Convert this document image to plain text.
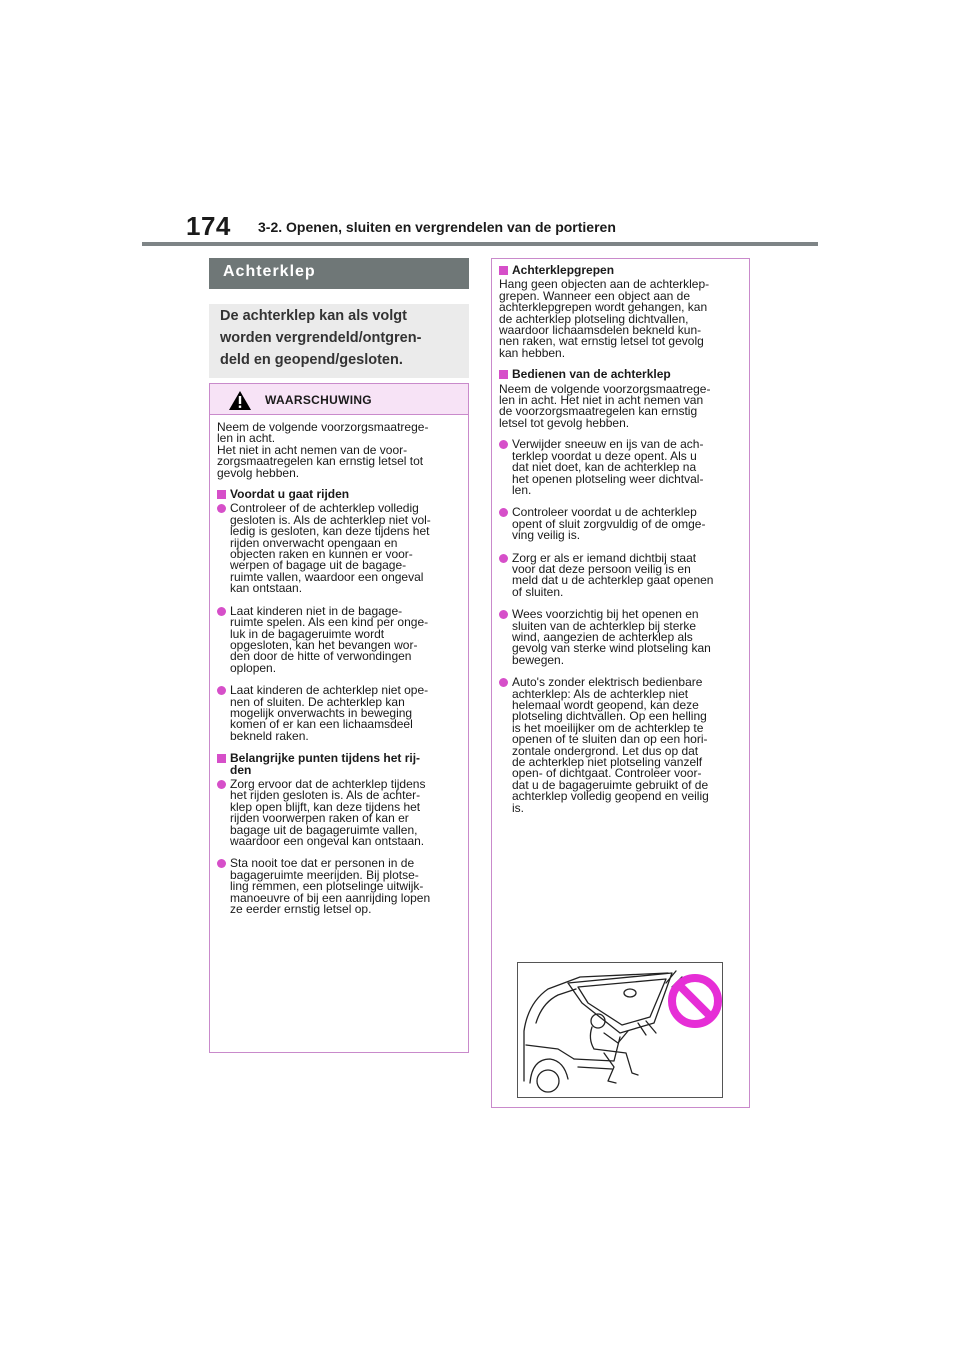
174 3-2. Openen, sluiten en vergrendelen van de portieren
Achterklep
De achterklep kan als volgt
worden vergrendeld/ontgren-
deld en geopend/gesloten.
WAARSCHUWING
Neem de volgende voorzorgsmaatrege-
len in acht.
Het niet in acht nemen van de voor-
zorgsmaatregelen kan ernstig letsel tot
gevolg hebben.
Voordat u gaat rijden
Controleer of de achterklep volledig
gesloten is. Als de achterklep niet vol-
ledig is gesloten, kan deze tijdens het
rijden onverwacht opengaan en
objecten raken en kunnen er voor-
werpen of bagage uit de bagage-
ruimte vallen, waardoor een ongeval
kan ontstaan.
Laat kinderen niet in de bagage-
ruimte spelen. Als een kind per onge-
luk in de bagageruimte wordt
opgesloten, kan het bevangen wor-
den door de hitte of verwondingen
oplopen.
Laat kinderen de achterklep niet ope-
nen of sluiten. De achterklep kan
mogelijk onverwachts in beweging
komen of er kan een lichaamsdeel
bekneld raken.
Belangrijke punten tijdens het rij-
den
Zorg ervoor dat de achterklep tijdens
het rijden gesloten is. Als de achter-
klep open blijft, kan deze tijdens het
rijden voorwerpen raken of kan er
bagage uit de bagageruimte vallen,
waardoor een ongeval kan ontstaan.
Sta nooit toe dat er personen in de
bagageruimte meerijden. Bij plotse-
ling remmen, een plotselinge uitwijk-
manoeuvre of bij een aanrijding lopen
ze eerder ernstig letsel op.
Achterklepgrepen
Hang geen objecten aan de achterklep-
grepen. Wanneer een object aan de
achterklepgrepen wordt gehangen, kan
de achterklep plotseling dichtvallen,
waardoor lichaamsdelen bekneld kun-
nen raken, wat ernstig letsel tot gevolg
kan hebben.
Bedienen van de achterklep
Neem de volgende voorzorgsmaatrege-
len in acht. Het niet in acht nemen van
de voorzorgsmaatregelen kan ernstig
letsel tot gevolg hebben.
Verwijder sneeuw en ijs van de ach-
terklep voordat u deze opent. Als u
dat niet doet, kan de achterklep na
het openen plotseling weer dichtval-
len.
Controleer voordat u de achterklep
opent of sluit zorgvuldig of de omge-
ving veilig is.
Zorg er als er iemand dichtbij staat
voor dat deze persoon veilig is en
meld dat u de achterklep gaat openen
of sluiten.
Wees voorzichtig bij het openen en
sluiten van de achterklep bij sterke
wind, aangezien de achterklep als
gevolg van sterke wind plotseling kan
bewegen.
Auto's zonder elektrisch bedienbare
achterklep: Als de achterklep niet
helemaal wordt geopend, kan deze
plotseling dichtvallen. Op een helling
is het moeilijker om de achterklep te
openen of te sluiten dan op een hori-
zontale ondergrond. Let dus op dat
de achterklep niet plotseling vanzelf
open- of dichtgaat. Controleer voor-
dat u de bagageruimte gebruikt of de
achterklep volledig geopend en veilig
is.
